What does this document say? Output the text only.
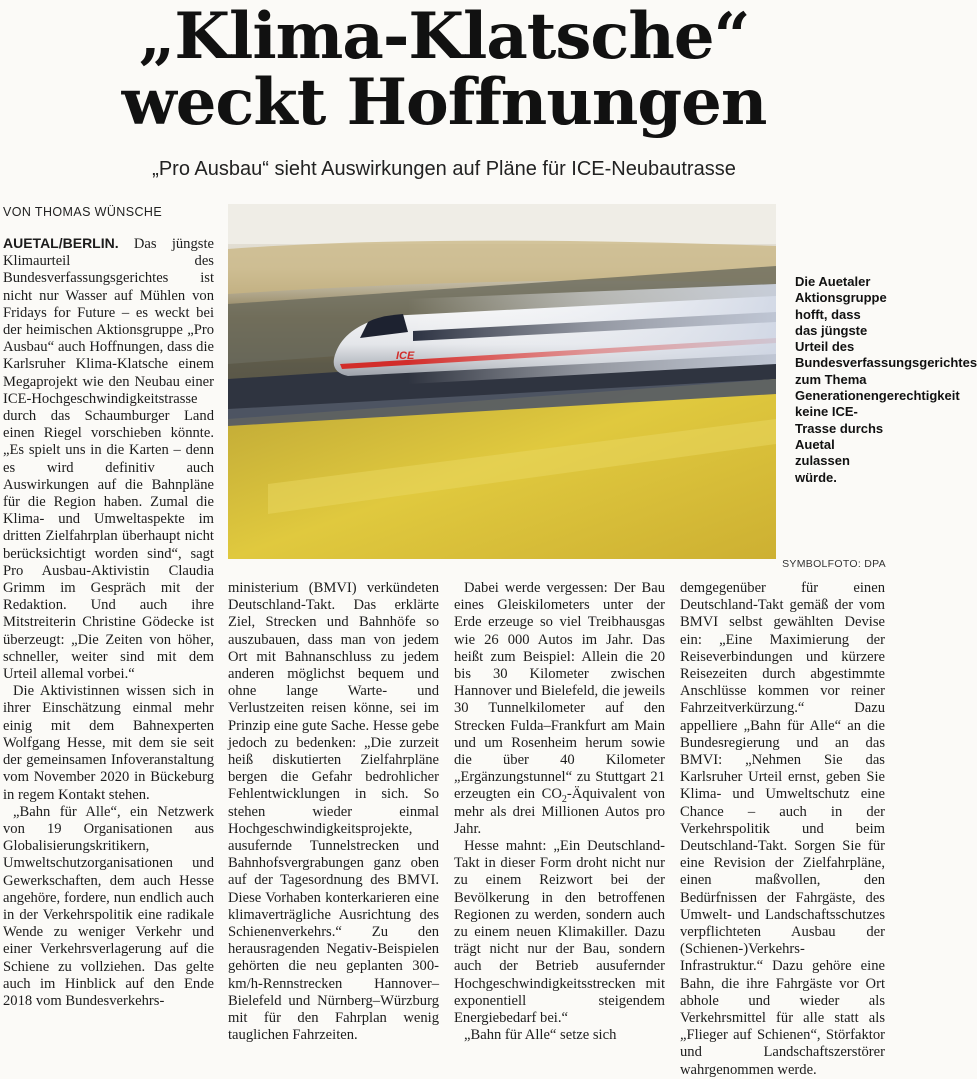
„Klima-Klatsche“
weckt Hoffnungen
„Pro Ausbau“ sieht Auswirkungen auf Pläne für ICE-Neubautrasse
VON THOMAS WÜNSCHE
ICE
Die Auetaler Aktionsgruppe hofft, dass das jüngste Urteil des Bundesverfassungsgerichtes zum Thema Generationengerechtigkeit keine ICE-Trasse durchs Auetal zulassen würde.
SYMBOLFOTO: DPA

AUETAL/BERLIN. Das jüngste Klimaurteil des Bundesverfassungsgerichtes ist nicht nur Wasser auf Mühlen von Fridays for Future – es weckt bei der heimischen Aktionsgruppe „Pro Ausbau“ auch Hoffnungen, dass die Karlsruher Klima-Klatsche einem Megaprojekt wie den Neubau einer ICE-Hochgeschwindigkeitstrasse durch das Schaumburger Land einen Riegel vorschieben könnte. „Es spielt uns in die Karten – denn es wird definitiv auch Auswirkungen auf die Bahnpläne für die Region haben. Zumal die Klima- und Umweltaspekte im dritten Zielfahrplan überhaupt nicht berücksichtigt worden sind“, sagt Pro Ausbau-Aktivistin Claudia Grimm im Gespräch mit der Redaktion. Und auch ihre Mitstreiterin Christine Gödecke ist überzeugt: „Die Zeiten von höher, schneller, weiter sind mit dem Urteil allemal vorbei.“

Die Aktivistinnen wissen sich in ihrer Einschätzung einmal mehr einig mit dem Bahnexperten Wolfgang Hesse, mit dem sie seit der gemeinsamen Infoveranstaltung vom November 2020 in Bückeburg in regem Kontakt stehen.

„Bahn für Alle“, ein Netzwerk von 19 Organisationen aus Globalisierungskritikern, Umweltschutzorganisationen und Gewerkschaften, dem auch Hesse angehöre, fordere, nun endlich auch in der Verkehrspolitik eine radikale Wende zu weniger Verkehr und einer Verkehrsverlagerung auf die Schiene zu vollziehen. Das gelte auch im Hinblick auf den Ende 2018 vom Bundesverkehrs-

ministerium (BMVI) verkündeten Deutschland-Takt. Das erklärte Ziel, Strecken und Bahnhöfe so auszubauen, dass man von jedem Ort mit Bahnanschluss zu jedem anderen möglichst bequem und ohne lange Warte- und Verlustzeiten reisen könne, sei im Prinzip eine gute Sache. Hesse gebe jedoch zu bedenken: „Die zurzeit heiß diskutierten Zielfahrpläne bergen die Gefahr bedrohlicher Fehlentwicklungen in sich. So stehen wieder einmal Hochgeschwindigkeitsprojekte, ausufernde Tunnelstrecken und Bahnhofsvergrabungen ganz oben auf der Tagesordnung des BMVI. Diese Vorhaben konterkarieren eine klimaverträgliche Ausrichtung des Schienenverkehrs.“ Zu den herausragenden Negativ-Beispielen gehörten die neu geplanten 300-km/h-Rennstrecken Hannover–Bielefeld und Nürnberg–Würzburg mit für den Fahrplan wenig tauglichen Fahrzeiten.

Dabei werde vergessen: Der Bau eines Gleiskilometers unter der Erde erzeuge so viel Treibhausgas wie 26 000 Autos im Jahr. Das heißt zum Beispiel: Allein die 20 bis 30 Kilometer zwischen Hannover und Bielefeld, die jeweils 30 Tunnelkilometer auf den Strecken Fulda–Frankfurt am Main und um Rosenheim herum sowie die über 40 Kilometer „Ergänzungstunnel“ zu Stuttgart 21 erzeugten ein $CO_2$-Äquivalent von mehr als drei Millionen Autos pro Jahr.

Hesse mahnt: „Ein Deutschland-Takt in dieser Form droht nicht nur zu einem Reizwort bei der Bevölkerung in den betroffenen Regionen zu werden, sondern auch zu einem neuen Klimakiller. Dazu trägt nicht nur der Bau, sondern auch der Betrieb ausufernder Hochgeschwindigkeitsstrecken mit exponentiell steigendem Energiebedarf bei.“

„Bahn für Alle“ setze sich

demgegenüber für einen Deutschland-Takt gemäß der vom BMVI selbst gewählten Devise ein: „Eine Maximierung der Reiseverbindungen und kürzere Reisezeiten durch abgestimmte Anschlüsse kommen vor reiner Fahrzeitverkürzung.“ Dazu appelliere „Bahn für Alle“ an die Bundesregierung und an das BMVI: „Nehmen Sie das Karlsruher Urteil ernst, geben Sie Klima- und Umweltschutz eine Chance – auch in der Verkehrspolitik und beim Deutschland-Takt. Sorgen Sie für eine Revision der Zielfahrpläne, einen maßvollen, den Bedürfnissen der Fahrgäste, des Umwelt- und Landschaftsschutzes verpflichteten Ausbau der (Schienen-)Verkehrs-Infrastruktur.“ Dazu gehöre eine Bahn, die ihre Fahrgäste vor Ort abhole und wieder als Verkehrsmittel für alle statt als „Flieger auf Schienen“, Störfaktor und Landschaftszerstörer wahrgenommen werde.
